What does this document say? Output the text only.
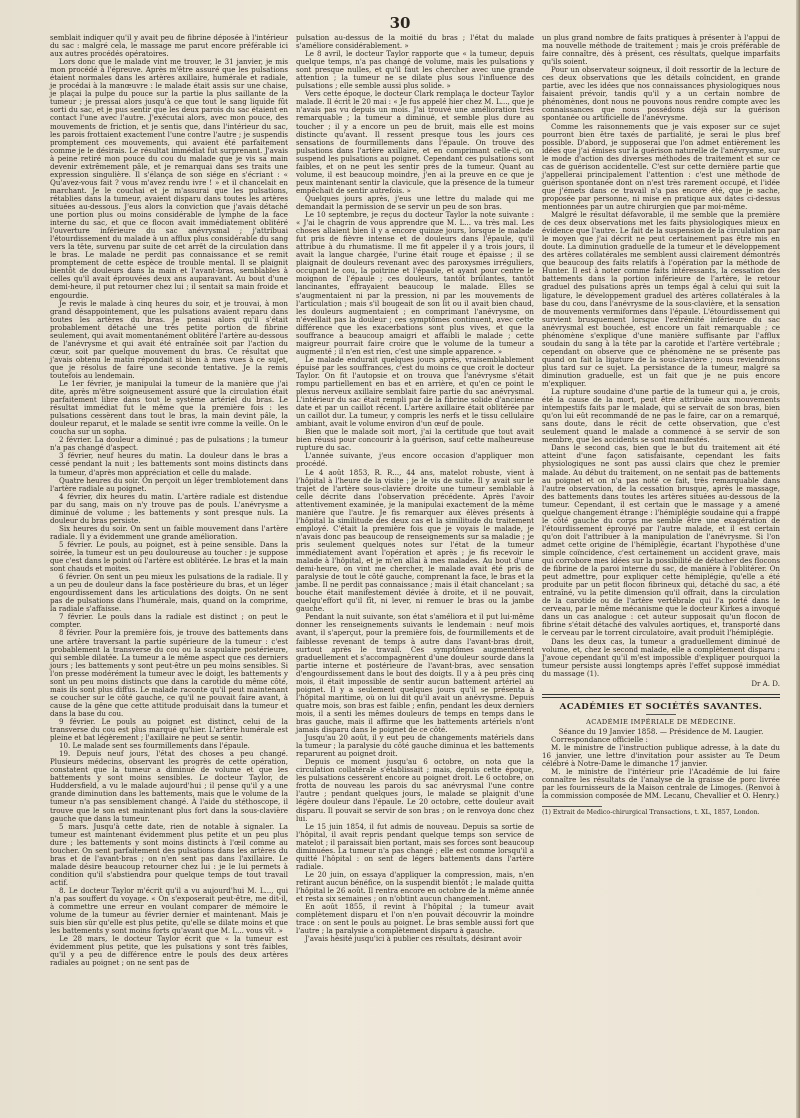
30

semblait indiquer qu'il y avait peu de fibrine déposée à l'intérieur du sac : malgré cela, le massage me parut encore préférable ici aux autres procédés opératoires.

Lors donc que le malade vint me trouver, le 31 janvier, je mis mon procédé à l'épreuve. Après m'être assuré que les pulsations étaient normales dans les artères axillaire, humérale et radiale, je procédai à la manœuvre : le malade était assis sur une chaise, je plaçai la pulpe du pouce sur la partie la plus saillante de la tumeur ; je pressai alors jusqu'à ce que tout le sang liquide fût sorti du sac, et je pus sentir que les deux parois du sac étaient en contact l'une avec l'autre. J'exécutai alors, avec mon pouce, des mouvements de friction, et je sentis que, dans l'intérieur du sac, les parois frottaient exactement l'une contre l'autre ; je suspendis promptement ces mouvements, qui avaient été parfaitement comme je le désirais. Le résultat immédiat fut surprenant. J'avais à peine retiré mon pouce du cou du malade que je vis sa main devenir extrêmement pâle, et je remarquai dans ses traits une expression singulière. Il s'élança de son siége en s'écriant : « Qu'avez-vous fait ? vous m'avez rendu ivre ! » et il chancelait en marchant. Je le couchai et je m'assurai que les pulsations, rétablies dans la tumeur, avaient disparu dans toutes les artères situées au-dessous. J'eus alors la conviction que j'avais détaché une portion plus ou moins considérable de lymphe de la face interne du sac, et que ce flocon avait immédiatement oblitéré l'ouverture inférieure du sac anévrysmal ; j'attribuai l'étourdissement du malade à un afflux plus considérable du sang vers la tête, survenu par suite de cet arrêt de la circulation dans le bras. Le malade ne perdit pas connaissance et se remit promptement de cette espèce de trouble mental. Il se plaignit bientôt de douleurs dans la main et l'avant-bras, semblables à celles qu'il avait éprouvées deux ans auparavant. Au bout d'une demi-heure, il put retourner chez lui ; il sentait sa main froide et engourdie.

Je revis le malade à cinq heures du soir, et je trouvai, à mon grand désappointement, que les pulsations avaient reparu dans toutes les artères du bras. Je pensai alors qu'il s'était probablement détaché une très petite portion de fibrine seulement, qui avait momentanément oblitéré l'artère au-dessous de l'anévrysme et qui avait été entraînée soit par l'action du cœur, soit par quelque mouvement du bras. Ce résultat que j'avais obtenu le matin répondait si bien à mes vues à ce sujet, que je résolus de faire une seconde tentative. Je la remis toutefois au lendemain.

Le 1er février, je manipulai la tumeur de la manière que j'ai dite, après m'être soigneusement assuré que la circulation était parfaitement libre dans tout le système artériel du bras. Le résultat immédiat fut le même que la première fois : les pulsations cessèrent dans tout le bras, la main devint pâle, la douleur reparut, et le malade se sentit ivre comme la veille. On le coucha sur un sopha.

2 février. La douleur a diminué ; pas de pulsations ; la tumeur n'a pas changé d'aspect.

3 février, neuf heures du matin. La douleur dans le bras a cessé pendant la nuit ; les battements sont moins distincts dans la tumeur, d'après mon appréciation et celle du malade.

Quatre heures du soir. On perçoit un léger tremblotement dans l'artère radiale au poignet.

4 février, dix heures du matin. L'artère radiale est distendue par du sang, mais on n'y trouve pas de pouls. L'anévrysme a diminué de volume ; les battements y sont presque nuls. La douleur du bras persiste.

Six heures du soir. On sent un faible mouvement dans l'artère radiale. Il y a évidemment une grande amélioration.

5 février. Le pouls, au poignet, est à peine sensible. Dans la soirée, la tumeur est un peu douloureuse au toucher : je suppose que c'est dans le point où l'artère est oblitérée. Le bras et la main sont chauds et moites.

6 février. On sent un peu mieux les pulsations de la radiale. Il y a un peu de douleur dans la face postérieure du bras, et un léger engourdissement dans les articulations des doigts. On ne sent pas de pulsations dans l'humérale, mais, quand on la comprime, la radiale s'affaisse.

7 février. Le pouls dans la radiale est distinct ; on peut le compter.

8 février. Pour la première fois, je trouve des battements dans une artère traversant la partie supérieure de la tumeur : c'est probablement la transverse du cou ou la scapulaire postérieure, qui semble dilatée. La tumeur a le même aspect que ces derniers jours ; les battements y sont peut-être un peu moins sensibles. Si l'on presse modérément la tumeur avec le doigt, les battements y sont un peu moins distincts que dans la carotide du même côté, mais ils sont plus diffus. Le malade raconte qu'il peut maintenant se coucher sur le côté gauche, ce qu'il ne pouvait faire avant, à cause de la gêne que cette attitude produisait dans la tumeur et dans la base du cou.

9 février. Le pouls au poignet est distinct, celui de la transverse du cou est plus marqué qu'hier. L'artère humérale est pleine et bat légèrement ; l'axillaire ne peut se sentir.

10. Le malade sent ses fourmillements dans l'épaule.

19. Depuis neuf jours, l'état des choses a peu changé. Plusieurs médecins, observant les progrès de cette opération, constatent que la tumeur a diminué de volume et que les battements y sont moins sensibles. Le docteur Taylor, de Huddersfield, a vu le malade aujourd'hui ; il pense qu'il y a une grande diminution dans les battements, mais que le volume de la tumeur n'a pas sensiblement changé. À l'aide du stéthoscope, il trouve que le son est maintenant plus fort dans la sous-clavière gauche que dans la tumeur.

5 mars. Jusqu'à cette date, rien de notable à signaler. La tumeur est maintenant évidemment plus petite et un peu plus dure ; les battements y sont moins distincts à l'œil comme au toucher. On sent parfaitement des pulsations dans les artères du bras et de l'avant-bras ; on n'en sent pas dans l'axillaire. Le malade désire beaucoup retourner chez lui : je le lui permets à condition qu'il s'abstiendra pour quelque temps de tout travail actif.

8. Le docteur Taylor m'écrit qu'il a vu aujourd'hui M. L..., qui n'a pas souffert du voyage. « On s'exposerait peut-être, me dit-il, à commettre une erreur en voulant comparer de mémoire le volume de la tumeur au février dernier et maintenant. Mais je suis bien sûr qu'elle est plus petite, qu'elle se dilate moins et que les battements y sont moins forts qu'avant que M. L... vous vît. »

Le 28 mars, le docteur Taylor écrit que « la tumeur est évidemment plus petite, que les pulsations y sont très faibles, qu'il y a peu de différence entre le pouls des deux artères radiales au poignet ; on ne sent pas de

pulsation au-dessus de la moitié du bras ; l'état du malade s'améliore considérablement. »

Le 8 avril, le docteur Taylor rapporte que « la tumeur, depuis quelque temps, n'a pas changé de volume, mais les pulsations y sont presque nulles, et qu'il faut les chercher avec une grande attention ; la tumeur ne se dilate plus sous l'influence des pulsations ; elle semble aussi plus solide. »

Vers cette époque, le docteur Clark remplaça le docteur Taylor malade. Il écrit le 20 mai : « Je fus appelé hier chez M. L..., que je n'avais pas vu depuis un mois. J'ai trouvé une amélioration très remarquable ; la tumeur a diminué, et semble plus dure au toucher ; il y a encore un peu de bruit, mais elle est moins distincte qu'avant. Il ressent presque tous les jours ces sensations de fourmillements dans l'épaule. On trouve des pulsations dans l'artère axillaire, et en comprimant celle-ci, on suspend les pulsations au poignet. Cependant ces pulsations sont faibles, et on ne peut les sentir près de la tumeur. Quant au volume, il est beaucoup moindre, j'en ai la preuve en ce que je peux maintenant sentir la clavicule, que la présence de la tumeur empêchait de sentir autrefois. »

Quelques jours après, j'eus une lettre du malade qui me demandait la permission de se servir un peu de son bras.

Le 10 septembre, je reçus du docteur Taylor la note suivante : « J'ai le chagrin de vous apprendre que M. L... va très mal. Les choses allaient bien il y a encore quinze jours, lorsque le malade fut pris de fièvre intense et de douleurs dans l'épaule, qu'il attribue à du rhumatisme. Il me fit appeler il y a trois jours, il avait la langue chargée, l'urine était rouge et épaisse ; il se plaignait de douleurs revenant avec des paroxysmes irréguliers, occupant le cou, la poitrine et l'épaule, et ayant pour centre le moignon de l'épaule ; ces douleurs, tantôt brûlantes, tantôt lancinantes, effrayaient beaucoup le malade. Elles se s'augmentaient ni par la pression, ni par les mouvements de l'articulation ; mais s'il bougeait de son lit ou il avait bien chaud, les douleurs augmentaient ; en comprimant l'anévrysme, on n'éveillait pas la douleur ; ces symptômes continuent, avec cette différence que les exacerbations sont plus vives, et que la souffrance a beaucoup amaigri et affaibli le malade ; cette maigreur pourrait faire croire que le volume de la tumeur a augmenté ; il n'en est rien, c'est une simple apparence. »

Le malade endurait quelques jours après, vraisemblablement épuisé par les souffrances, c'est du moins ce que croit le docteur Taylor. On fit l'autopsie et on trouva que l'anévrysme s'était rompu partiellement en bas et en arrière, et qu'en ce point le plexus nerveux axillaire semblait faire partie du sac anévrysmal. L'intérieur du sac était rempli par de la fibrine solide d'ancienne date et par un caillot récent. L'artère axillaire était oblitérée par un caillot dur. La tumeur, y compris les nerfs et le tissu cellulaire ambiant, avait le volume environ d'un œuf de poule.

Bien que le malade soit mort, j'ai la certitude que tout avait bien réussi pour concourir à la guérison, sauf cette malheureuse rupture du sac.

L'année suivante, j'eus encore occasion d'appliquer mon procédé.

Le 4 août 1853, R. R..., 44 ans, matelot robuste, vient à l'hôpital à l'heure de la visite ; je le vis de suite. Il y avait sur le trajet de l'artère sous-clavière droite une tumeur semblable à celle décrite dans l'observation précédente. Après l'avoir attentivement examinée, je la manipulai exactement de la même manière que l'autre. Je fis remarquer aux élèves présents à l'hôpital la similitude des deux cas et la similitude du traitement employé. C'était la première fois que je voyais le malade, je n'avais donc pas beaucoup de renseignements sur sa maladie ; je pris seulement quelques notes sur l'état de la tumeur immédiatement avant l'opération et après ; je fis recevoir le malade à l'hôpital, et je m'en allai à mes malades. Au bout d'une demi-heure, on vint me chercher, le malade avait été pris de paralysie de tout le côté gauche, comprenant la face, le bras et la jambe. Il ne perdit pas connaissance ; mais il était chancelant ; sa bouche était manifestement déviée à droite, et il ne pouvait, quelqu'effort qu'il fît, ni lever, ni remuer le bras ou la jambe gauche.

Pendant la nuit suivante, son état s'améliora et il put lui-même donner les renseignements suivants le lendemain : neuf mois avant, il s'aperçut, pour la première fois, de fourmillements et de faiblesse revenant de temps à autre dans l'avant-bras droit, surtout après le travail. Ces symptômes augmentèrent graduellement et s'accompagnèrent d'une douleur sourde dans la partie interne et postérieure de l'avant-bras, avec sensation d'engourdissement dans le bout des doigts. Il y a à peu près cinq mois, il était impossible de sentir aucun battement artériel au poignet. Il y a seulement quelques jours qu'il se présenta à l'hôpital maritime, où on lui dit qu'il avait un anévrysme. Depuis quatre mois, son bras est faible ; enfin, pendant les deux derniers mois, il a senti les mêmes douleurs de temps en temps dans le bras gauche, mais il affirme que les battements artériels n'ont jamais disparu dans le poignet de ce côté.

Jusqu'au 20 août, il y eut peu de changements matériels dans la tumeur ; la paralysie du côté gauche diminua et les battements reparurent au poignet droit.

Depuis ce moment jusqu'au 6 octobre, on nota que la circulation collatérale s'établissait ; mais, depuis cette époque, les pulsations cessèrent encore au poignet droit. Le 6 octobre, on frotta de nouveau les parois du sac anévrysmal l'une contre l'autre ; pendant quelques jours, le malade se plaignit d'une légère douleur dans l'épaule. Le 20 octobre, cette douleur avait disparu. Il pouvait se servir de son bras ; on le renvoya donc chez lui.

Le 15 juin 1854, il fut admis de nouveau. Depuis sa sortie de l'hôpital, il avait repris pendant quelque temps son service de matelot ; il paraissait bien portant, mais ses forces sont beaucoup diminuées. La tumeur n'a pas changé ; elle est comme lorsqu'il a quitté l'hôpital : on sent de légers battements dans l'artère radiale.

Le 20 juin, on essaya d'appliquer la compression, mais, n'en retirant aucun bénéfice, on la suspendit bientôt ; le malade quitta l'hôpital le 26 août. Il rentra encore en octobre de la même année et resta six semaines ; on n'obtint aucun changement.

En août 1855, il revint à l'hôpital ; la tumeur avait complètement disparu et l'on n'en pouvait découvrir la moindre trace : on sent le pouls au poignet. Le bras semble aussi fort que l'autre ; la paralysie a complètement disparu à gauche.

J'avais hésité jusqu'ici à publier ces résultats, désirant avoir

un plus grand nombre de faits pratiques à présenter à l'appui de ma nouvelle méthode de traitement ; mais je crois préférable de faire connaître, dès à présent, ces résultats, quelque imparfaits qu'ils soient.

Pour un observateur soigneux, il doit ressortir de la lecture de ces deux observations que les détails coïncident, en grande partie, avec les idées que nos connaissances physiologiques nous faisaient prévoir, tandis qu'il y a un certain nombre de phénomènes, dont nous ne pouvons nous rendre compte avec les connaissances que nous possédons déjà sur la guérison spontanée ou artificielle de l'anévrysme.

Comme les raisonnements que je vais exposer sur ce sujet pourront bien être taxés de partialité, je serai le plus bref possible. D'abord, je supposerai que l'on admet entièrement les idées que j'ai émises sur la guérison naturelle de l'anévrysme, sur le mode d'action des diverses méthodes de traitement et sur ce cas de guérison accidentelle. C'est sur cette dernière partie que j'appellerai principalement l'attention : c'est une méthode de guérison spontanée dont on n'est très rarement occupé, et l'idée que j'émets dans ce travail n'a pas encore été, que je sache, proposée par personne, ni mise en pratique aux dates ci-dessus mentionnées par un autre chirurgien que par moi-même.

Malgré le résultat défavorable, il me semble que la première de ces deux observations met les faits physiologiques mieux en évidence que l'autre. Le fait de la suspension de la circulation par le moyen que j'ai décrit ne peut certainement pas être mis en doute. La diminution graduelle de la tumeur et le développement des artères collatérales me semblent aussi clairement démontrés que beaucoup des faits relatifs à l'opération par la méthode de Hunter. Il est à noter comme faits intéressants, la cessation des battements dans la portion inférieure de l'artère, le retour graduel des pulsations après un temps égal à celui qui suit la ligature, le développement graduel des artères collatérales à la base du cou, dans l'anévrysme de la sous-clavière, et la sensation de mouvements vermiformes dans l'épaule. L'étourdissement qui survient brusquement lorsque l'extrémité inférieure du sac anévrysmal est bouchée, est encore un fait remarquable ; ce phénomène s'explique d'une manière suffisante par l'afflux soudain du sang à la tête par la carotide et l'artère vertébrale ; cependant on observe que ce phénomène ne se présente pas quand on fait la ligature de la sous-clavière ; nous reviendrons plus tard sur ce sujet. La persistance de la tumeur, malgré sa diminution graduelle, est un fait que je ne puis encore m'expliquer.

La rupture soudaine d'une partie de la tumeur qui a, je crois, été la cause de la mort, peut être attribuée aux mouvements intempestifs faits par le malade, qui se servait de son bras, bien qu'on lui eût recommandé de ne pas le faire, car on a remarqué, sans doute, dans le récit de cette observation, que c'est seulement quand le malade a commencé à se servir de son membre, que les accidents se sont manifestés.

Dans le second cas, bien que le but du traitement ait été atteint d'une façon satisfaisante, cependant les faits physiologiques ne sont pas aussi clairs que chez le premier malade. Au début du traitement, on ne sentait pas de battements au poignet et on n'a pas noté ce fait, très remarquable dans l'autre observation, de la cessation brusque, après le massage, des battements dans toutes les artères situées au-dessous de la tumeur. Cependant, il est certain que le massage y a amené quelque changement étrange : l'hémiplégie soudaine qui a frappé le côté gauche du corps me semble être une exagération de l'étourdissement éprouvé par l'autre malade, et il est certain qu'on doit l'attribuer à la manipulation de l'anévrysme. Si l'on admet cette origine de l'hémiplégie, écartant l'hypothèse d'une simple coïncidence, c'est certainement un accident grave, mais qui corrobore mes idées sur la possibilité de détacher des flocons de fibrine de la paroi interne du sac, de manière à l'oblitérer. On peut admettre, pour expliquer cette hémiplégie, qu'elle a été produite par un petit flocon fibrineux qui, détaché du sac, a été entraîné, vu la petite dimension qu'il offrait, dans la circulation de la carotide ou de l'artère vertébrale qui l'a porté dans le cerveau, par le même mécanisme que le docteur Kirkes a invoqué dans un cas analogue : cet auteur supposait qu'un flocon de fibrine s'était détaché des valvules aortiques, et, transporté dans le cerveau par le torrent circulatoire, avait produit l'hémiplégie.

Dans les deux cas, la tumeur a graduellement diminué de volume, et, chez le second malade, elle a complètement disparu : J'avoue cependant qu'il m'est impossible d'expliquer pourquoi la tumeur persiste aussi longtemps après l'effet supposé immédiat du massage (1).

Dr A. D.
ACADÉMIES ET SOCIÉTÉS SAVANTES.
ACADÉMIE IMPÉRIALE DE MÉDECINE.

Séance du 19 Janvier 1858. — Présidence de M. Laugier.

Correspondance officielle :

M. le ministre de l'instruction publique adresse, à la date du 16 janvier, une lettre d'invitation pour assister au Te Deum célébré à Notre-Dame le dimanche 17 janvier.

M. le ministre de l'intérieur prie l'Académie de lui faire connaître les résultats de l'analyse de la graisse de porc livrée par les fournisseurs de la Maison centrale de Limoges. (Renvoi à la commission composée de MM. Lecanu, Chevallier et O. Henry.)

(1) Extrait de Medico-chirurgical Transactions, t. XL, 1857, London.
